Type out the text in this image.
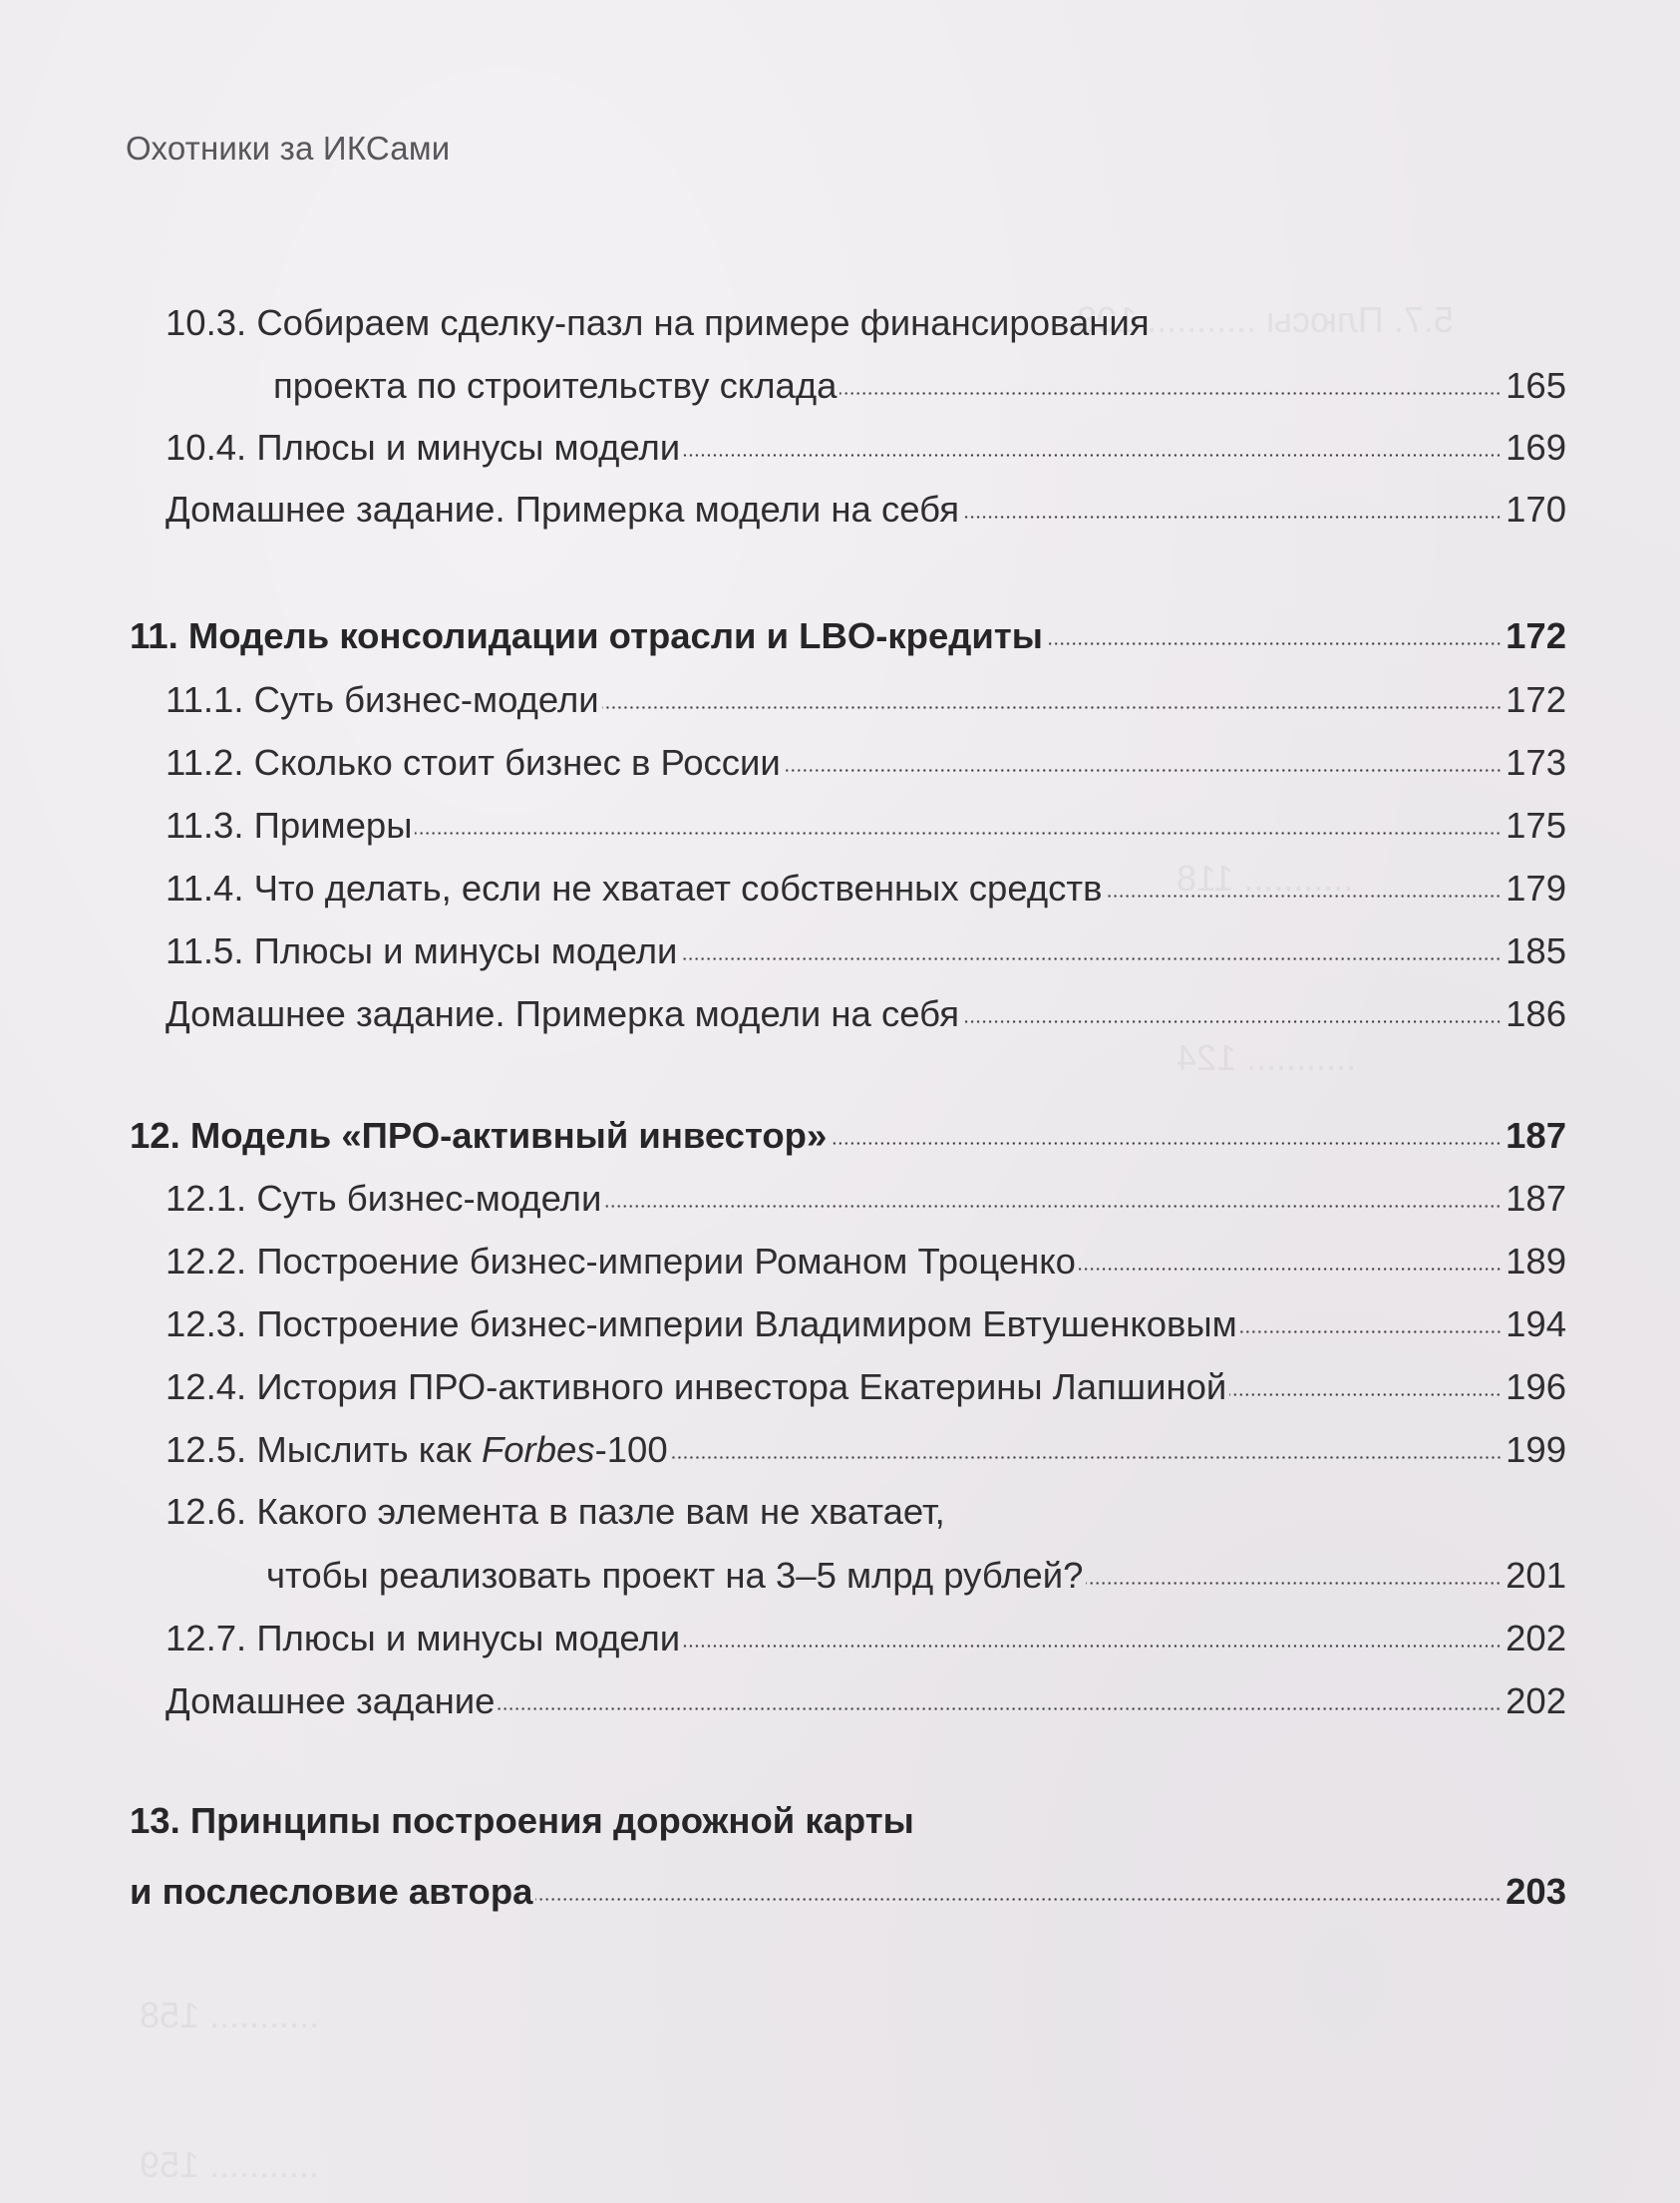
5.7. Плюсы ........... 108
........... 118
........... 124
........... 158
........... 159
Охотники за ИКСами
10.3. Собираем сделку-пазл на примере финансирования
проекта по строительству склада	165
10.4. Плюсы и минусы модели	169
Домашнее задание. Примерка модели на себя	170
11. Модель консолидации отрасли и LBO-кредиты	172
11.1. Суть бизнес-модели	172
11.2. Сколько стоит бизнес в России	173
11.3. Примеры	175
11.4. Что делать, если не хватает собственных средств	179
11.5. Плюсы и минусы модели	185
Домашнее задание. Примерка модели на себя	186
12. Модель «ПРО-активный инвестор»	187
12.1. Суть бизнес-модели	187
12.2. Построение бизнес-империи Романом Троценко	189
12.3. Построение бизнес-империи Владимиром Евтушенковым	194
12.4. История ПРО-активного инвестора Екатерины Лапшиной	196
12.5. Мыслить как Forbes-100	199
12.6. Какого элемента в пазле вам не хватает,
чтобы реализовать проект на 3–5 млрд рублей?	201
12.7. Плюсы и минусы модели	202
Домашнее задание	202
13. Принципы построения дорожной карты
и послесловие автора	203
